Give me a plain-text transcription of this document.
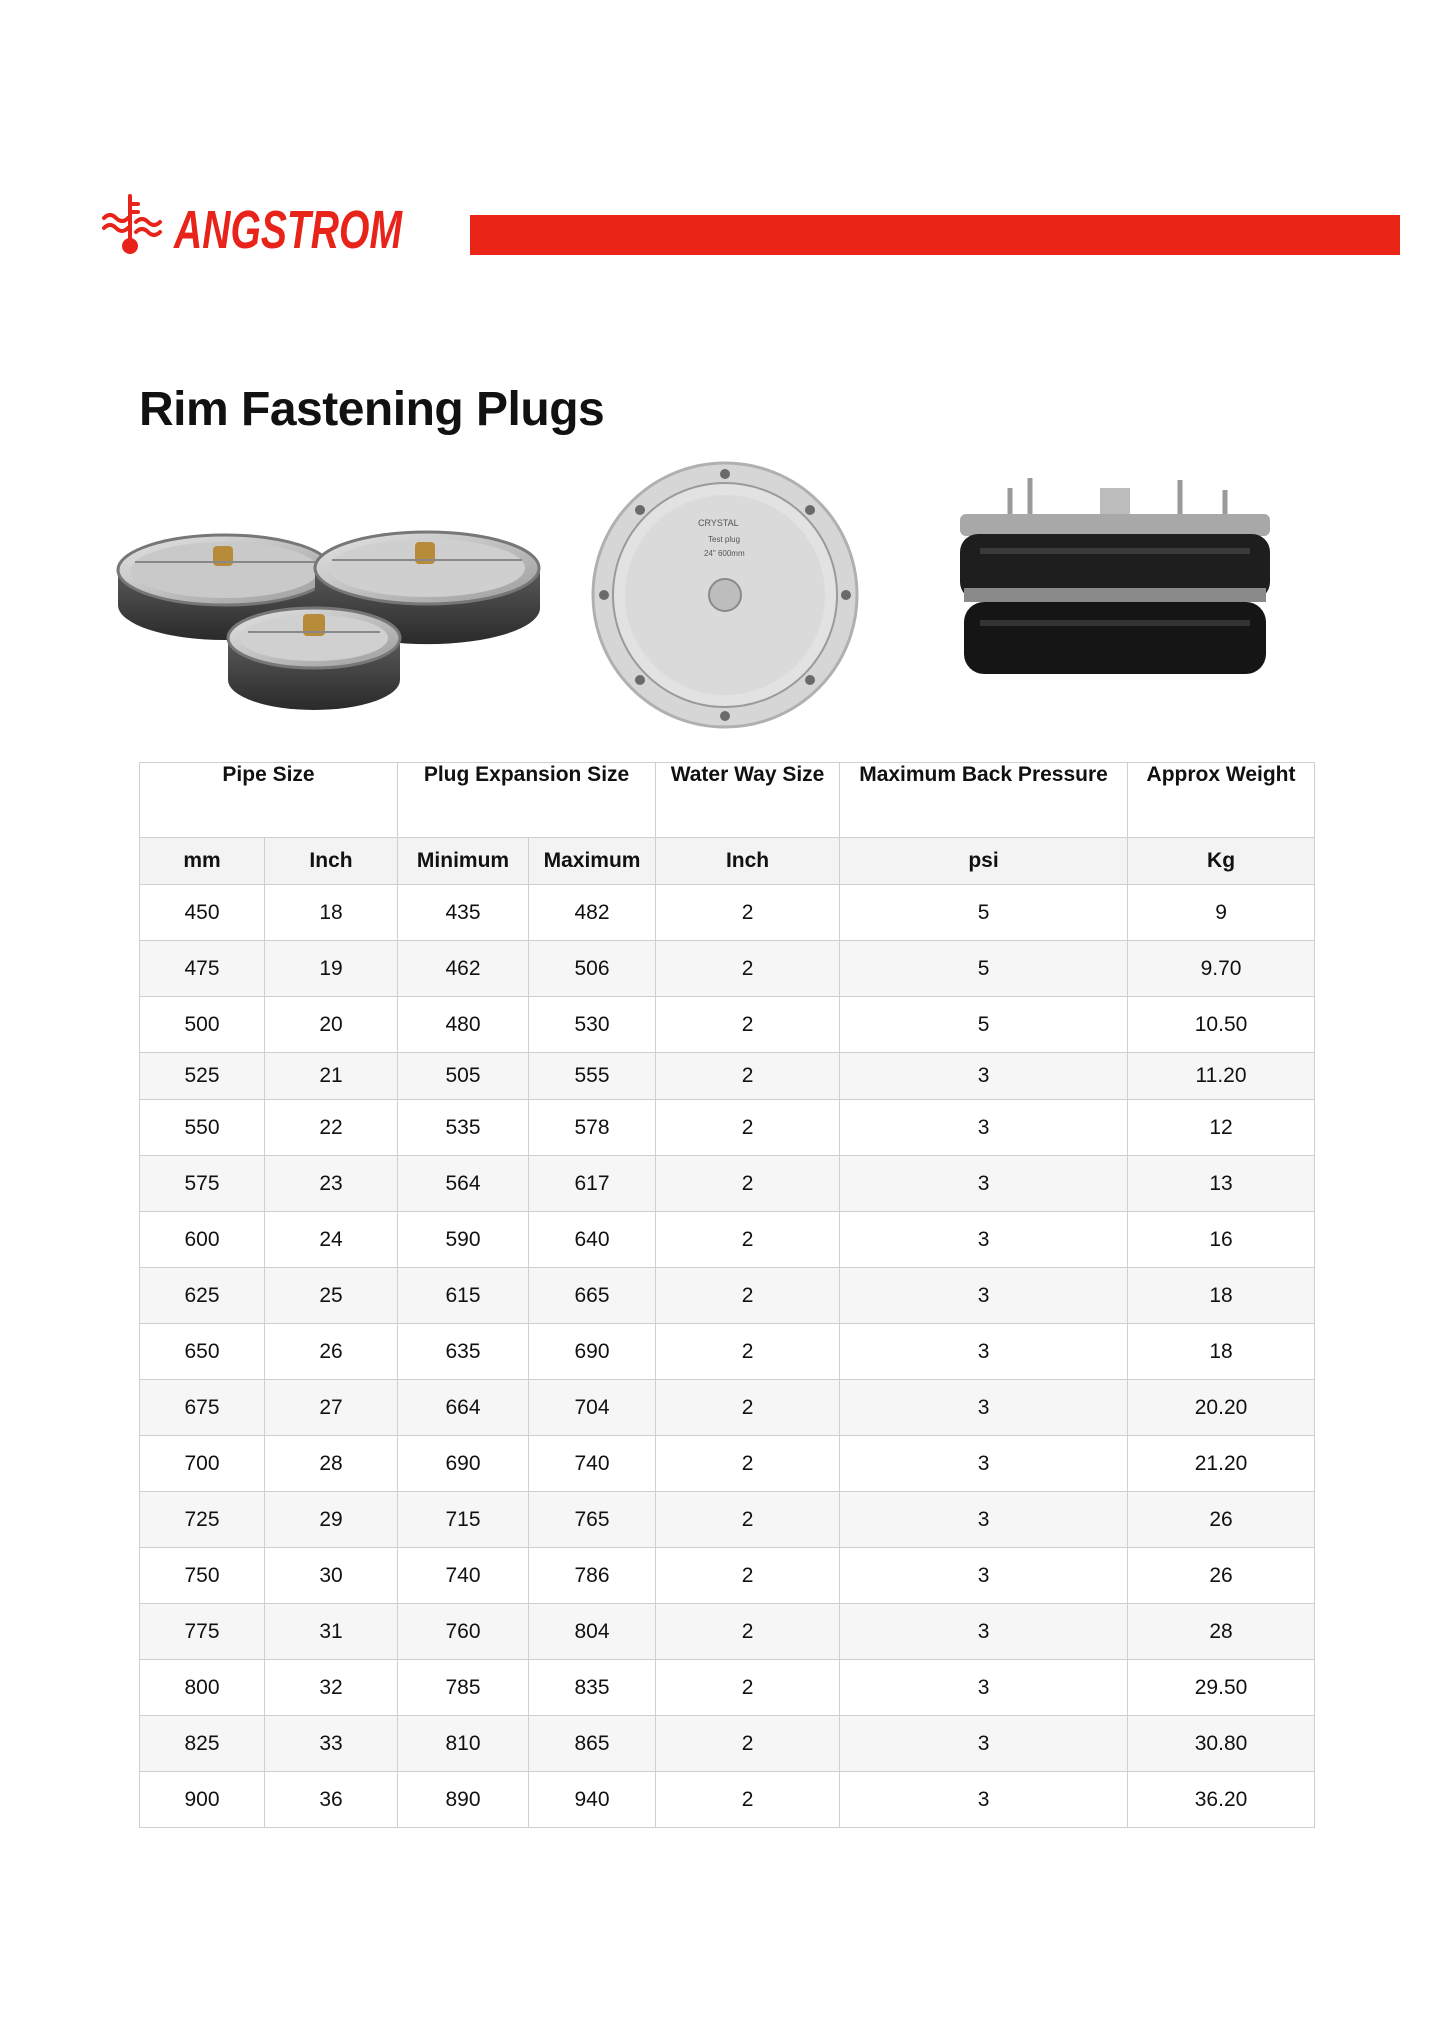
ANGSTROM
Rim Fastening Plugs
CRYSTAL
Test plug
24" 600mm
Pipe Size		Plug Expansion Size		Water Way Size	Maximum Back Pressure	Approx Weight
mm	Inch	Minimum	Maximum	Inch	psi	Kg
450	18	435	482	2	5	9
475	19	462	506	2	5	9.70
500	20	480	530	2	5	10.50
525	21	505	555	2	3	11.20
550	22	535	578	2	3	12
575	23	564	617	2	3	13
600	24	590	640	2	3	16
625	25	615	665	2	3	18
650	26	635	690	2	3	18
675	27	664	704	2	3	20.20
700	28	690	740	2	3	21.20
725	29	715	765	2	3	26
750	30	740	786	2	3	26
775	31	760	804	2	3	28
800	32	785	835	2	3	29.50
825	33	810	865	2	3	30.80
900	36	890	940	2	3	36.20
